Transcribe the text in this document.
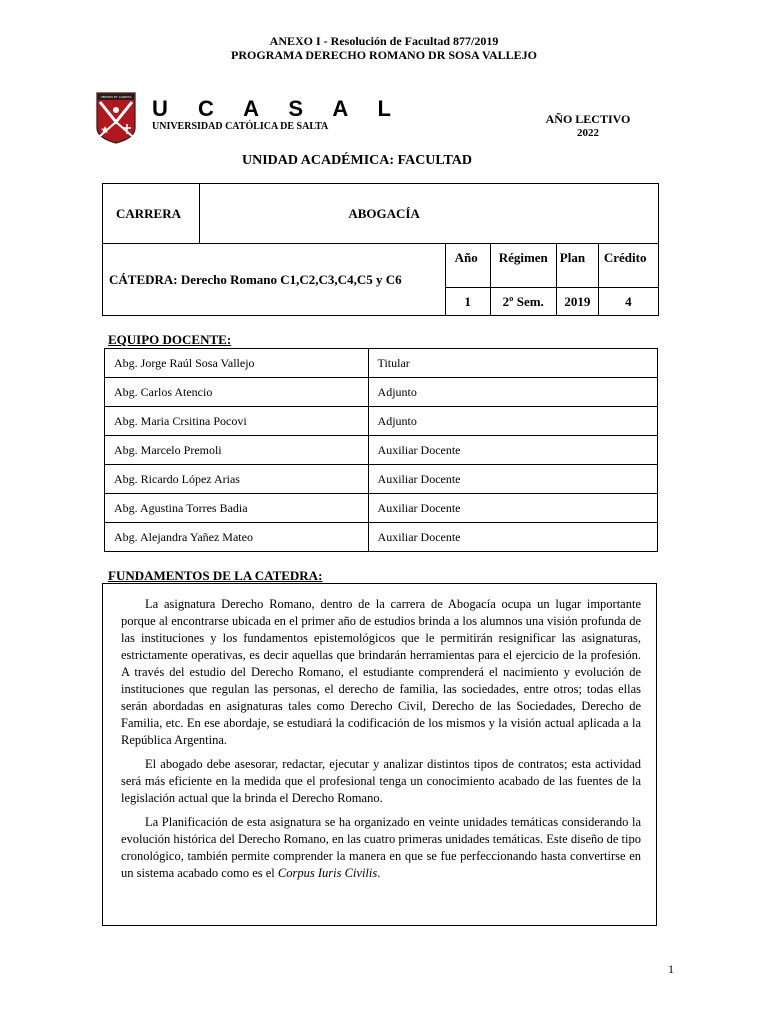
ANEXO I - Resolución de Facultad 877/2019
PROGRAMA DERECHO ROMANO DR SOSA VALLEJO
VERITAS ET CARITAS U C A S A L
UNIVERSIDAD CATÓLICA DE SALTA
AÑO LECTIVO
2022
UNIDAD ACADÉMICA: FACULTAD
CARRERA	ABOGACÍA				
CÁTEDRA: Derecho Romano C1,C2,C3,C4,C5 y C6		Año	Régimen	Plan	Crédito
		1	2º Sem.	2019	4
EQUIPO DOCENTE:
Abg. Jorge Raúl Sosa Vallejo	Titular
Abg. Carlos Atencio	Adjunto
Abg. Maria Crsitina Pocovi	Adjunto
Abg. Marcelo Premoli	Auxiliar Docente
Abg. Ricardo López Arias	Auxiliar Docente
Abg. Agustina Torres Badia	Auxiliar Docente
Abg. Alejandra Yañez Mateo	Auxiliar Docente
FUNDAMENTOS DE LA CATEDRA:

La asignatura Derecho Romano, dentro de la carrera de Abogacía ocupa un lugar importante porque al encontrarse ubicada en el primer año de estudios brinda a los alumnos una visión profunda de las instituciones y los fundamentos epistemológicos que le permitirán resignificar las asignaturas, estrictamente operativas, es decir aquellas que brindarán herramientas para el ejercicio de la profesión. A través del estudio del Derecho Romano, el estudiante comprenderá el nacimiento y evolución de instituciones que regulan las personas, el derecho de familia, las sociedades, entre otros; todas ellas serán abordadas en asignaturas tales como Derecho Civil, Derecho de las Sociedades, Derecho de Familia, etc. En ese abordaje, se estudiará la codificación de los mismos y la visión actual aplicada a la República Argentina.

El abogado debe asesorar, redactar, ejecutar y analizar distintos tipos de contratos; esta actividad será más eficiente en la medida que el profesional tenga un conocimiento acabado de las fuentes de la legislación actual que la brinda el Derecho Romano.

La Planificación de esta asignatura se ha organizado en veinte unidades temáticas considerando la evolución histórica del Derecho Romano, en las cuatro primeras unidades temáticas. Este diseño de tipo cronológico, también permite comprender la manera en que se fue perfeccionando hasta convertirse en un sistema acabado como es el Corpus Iuris Civilis.

1
